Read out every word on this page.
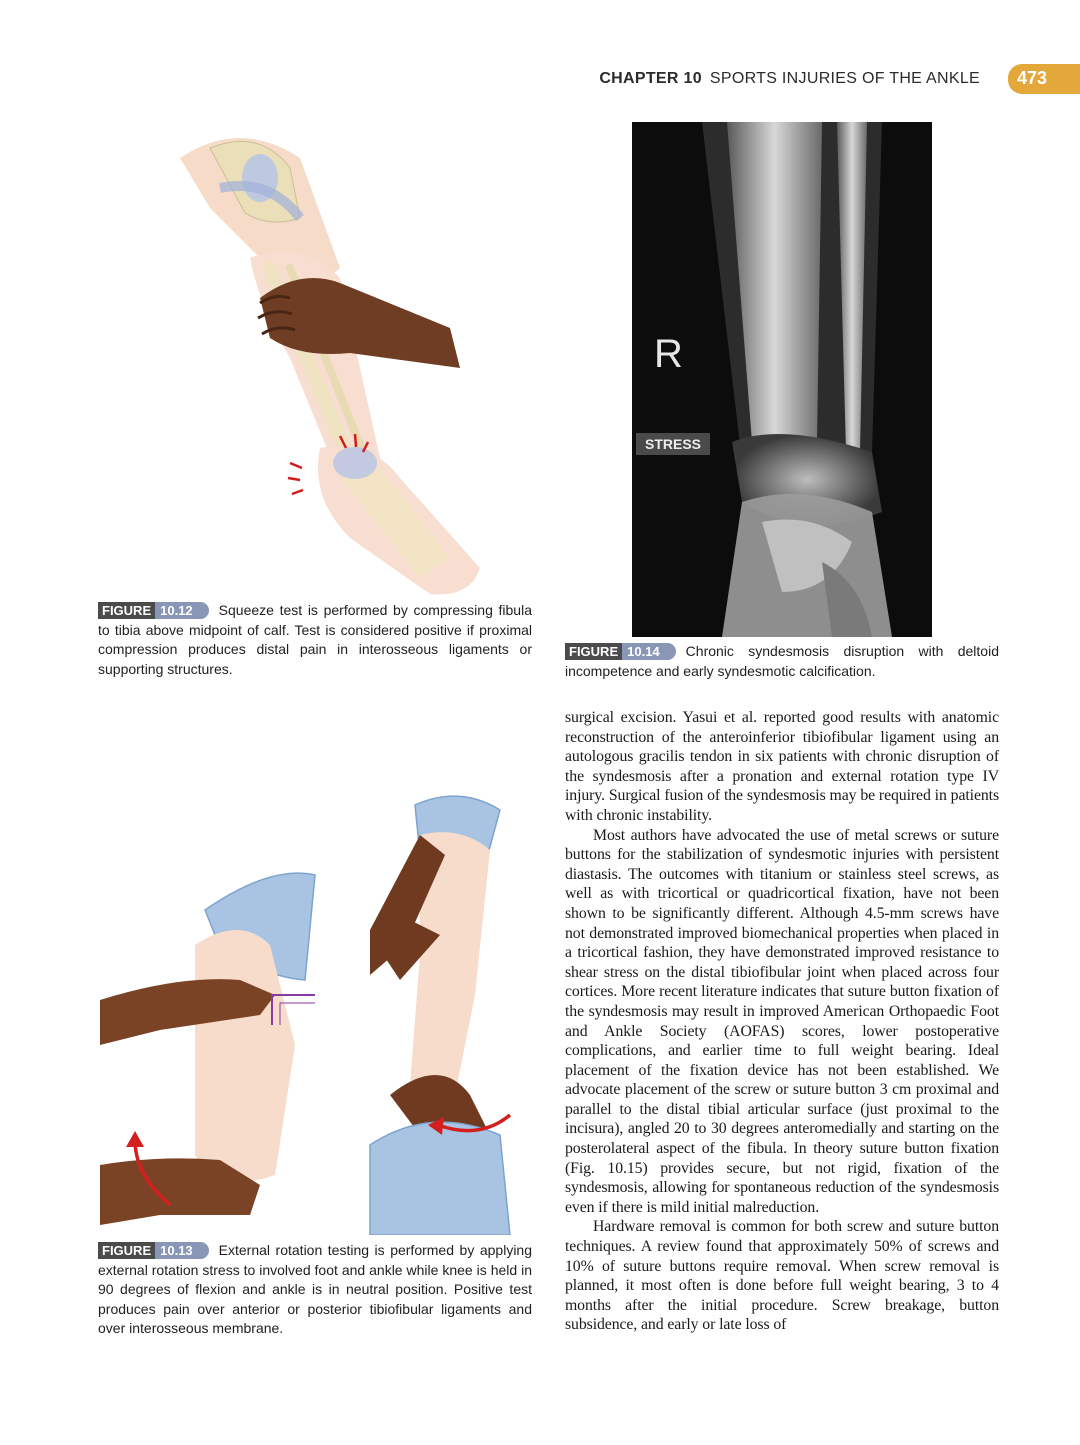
CHAPTER 10 SPORTS INJURIES OF THE ANKLE 473
R
STRESS
FIGURE 10.12 Squeeze test is performed by compressing fibula to tibia above midpoint of calf. Test is considered positive if proximal compression produces distal pain in interosseous ligaments or supporting structures.
FIGURE 10.14 Chronic syndesmosis disruption with deltoid incompetence and early syndesmotic calcification.
FIGURE 10.13 External rotation testing is performed by applying external rotation stress to involved foot and ankle while knee is held in 90 degrees of flexion and ankle is in neutral position. Positive test produces pain over anterior or posterior tibiofibular ligaments and over interosseous membrane.

surgical excision. Yasui et al. reported good results with anatomic reconstruction of the anteroinferior tibiofibular ligament using an autologous gracilis tendon in six patients with chronic disruption of the syndesmosis after a pronation and external rotation type IV injury. Surgical fusion of the syndesmosis may be required in patients with chronic instability.

Most authors have advocated the use of metal screws or suture buttons for the stabilization of syndesmotic injuries with persistent diastasis. The outcomes with titanium or stainless steel screws, as well as with tricortical or quadricortical fixation, have not been shown to be significantly different. Although 4.5-mm screws have not demonstrated improved biomechanical properties when placed in a tricortical fashion, they have demonstrated improved resistance to shear stress on the distal tibiofibular joint when placed across four cortices. More recent literature indicates that suture button fixation of the syndesmosis may result in improved American Orthopaedic Foot and Ankle Society (AOFAS) scores, lower postoperative complications, and earlier time to full weight bearing. Ideal placement of the fixation device has not been established. We advocate placement of the screw or suture button 3 cm proximal and parallel to the distal tibial articular surface (just proximal to the incisura), angled 20 to 30 degrees anteromedially and starting on the posterolateral aspect of the fibula. In theory suture button fixation (Fig. 10.15) provides secure, but not rigid, fixation of the syndesmosis, allowing for spontaneous reduction of the syndesmosis even if there is mild initial malreduction.

Hardware removal is common for both screw and suture button techniques. A review found that approximately 50% of screws and 10% of suture buttons require removal. When screw removal is planned, it most often is done before full weight bearing, 3 to 4 months after the initial procedure. Screw breakage, button subsidence, and early or late loss of
